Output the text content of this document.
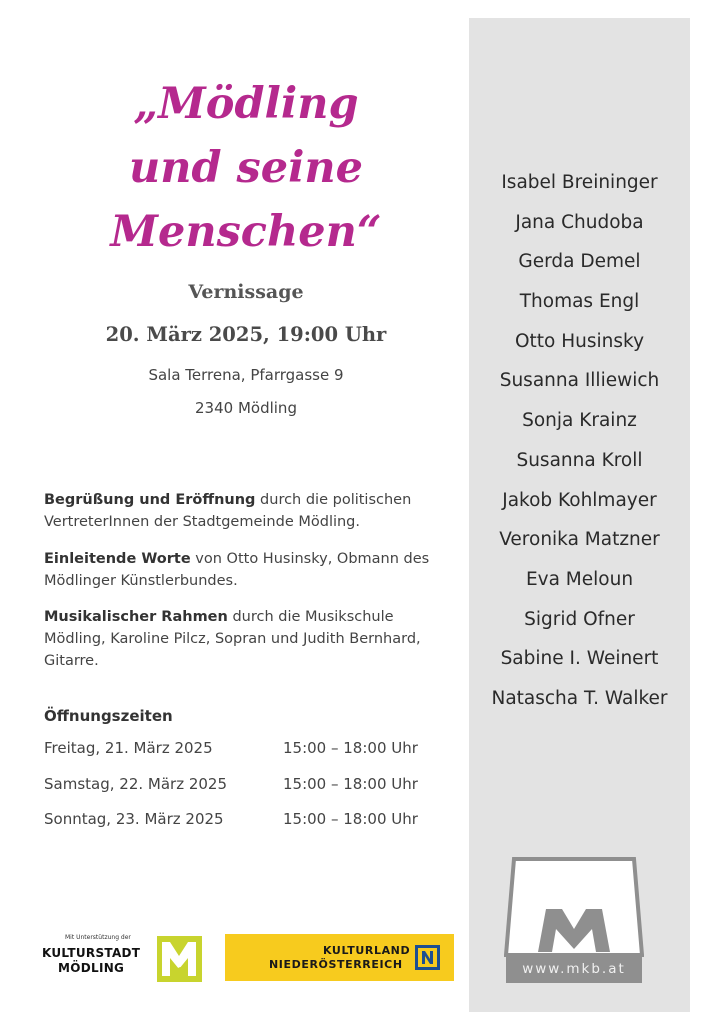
„Mödling
und seine
Menschen“
Vernissage
20. März 2025, 19:00 Uhr
Sala Terrena, Pfarrgasse 9
2340 Mödling

Begrüßung und Eröffnung durch die politischen VertreterInnen der Stadtgemeinde Mödling.

Einleitende Worte von Otto Husinsky, Obmann des Mödlinger Künstlerbundes.

Musikalischer Rahmen durch die Musikschule Mödling, Karoline Pilcz, Sopran und Judith Bernhard, Gitarre.

Öffnungszeiten
Freitag, 21. März 2025	15:00 – 18:00 Uhr
Samstag, 22. März 2025	15:00 – 18:00 Uhr
Sonntag, 23. März 2025	15:00 – 18:00 Uhr
Isabel Breininger
Jana Chudoba
Gerda Demel
Thomas Engl
Otto Husinsky
Susanna Illiewich
Sonja Krainz
Susanna Kroll
Jakob Kohlmayer
Veronika Matzner
Eva Meloun
Sigrid Ofner
Sabine I. Weinert
Natascha T. Walker
Mit Unterstützung der
KULTURSTADT
MÖDLING
KULTURLAND
NIEDERÖSTERREICH	www.mkb.at
